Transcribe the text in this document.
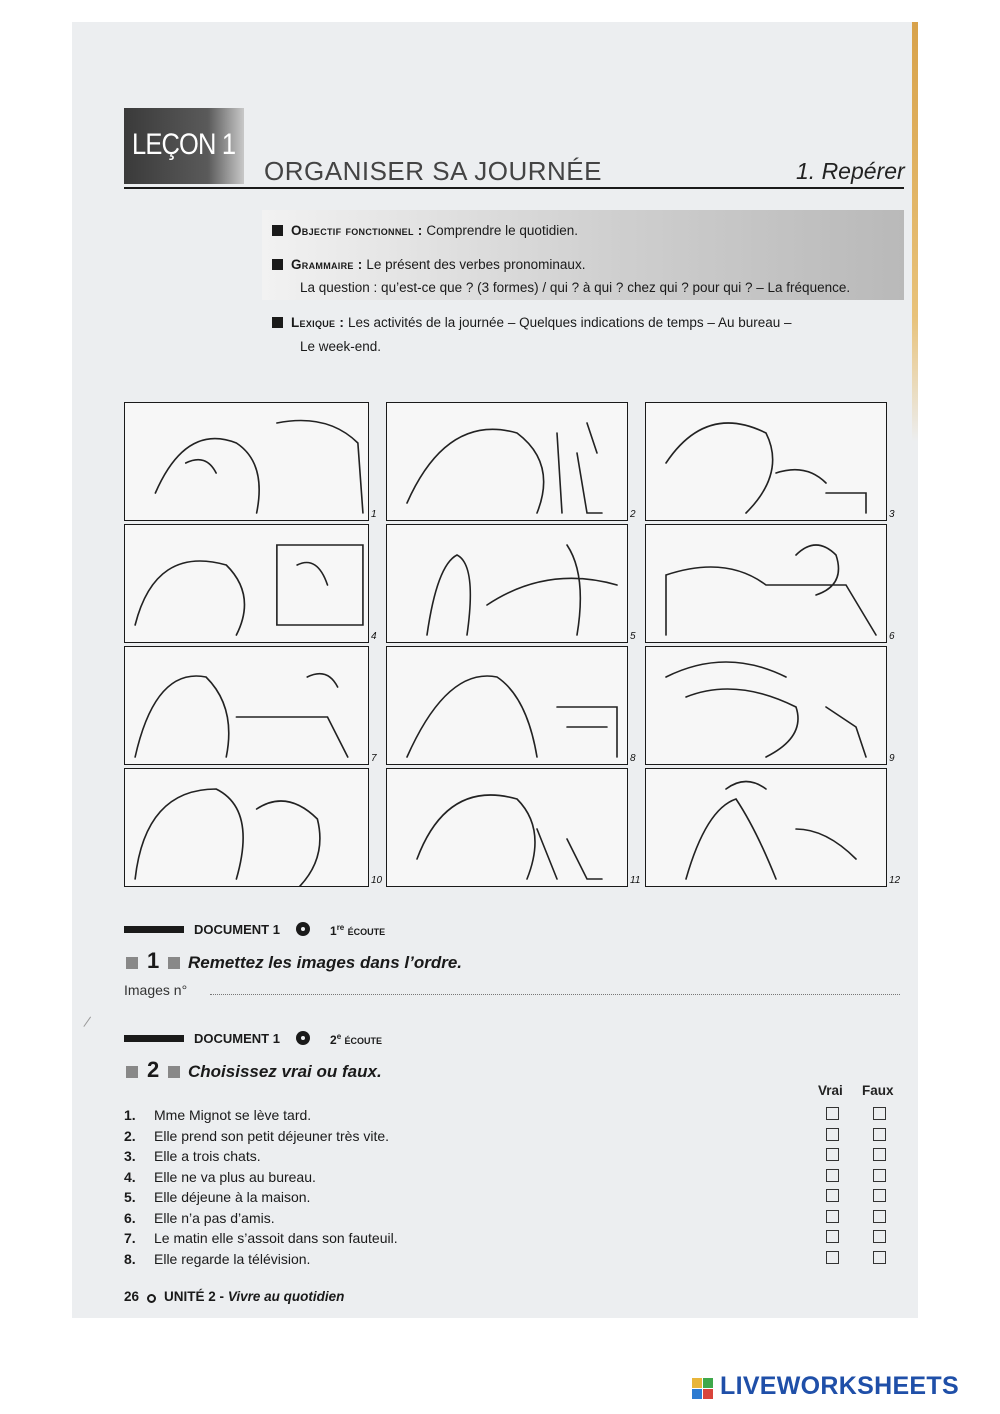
LEÇON 1
ORGANISER SA JOURNÉE	1. Repérer
Objectif fonctionnel : Comprendre le quotidien.
Grammaire : Le présent des verbes pronominaux.
La question : qu’est-ce que ? (3 formes) / qui ? à qui ? chez qui ? pour qui ? – La fréquence.
Lexique : Les activités de la journée – Quelques indications de temps – Au bureau –
Le week-end.
1	2	3
4	5	6
7	8	9
10	11	12
DOCUMENT 1	1re ÉCOUTE
1 Remettez les images dans l’ordre.
Images n°
DOCUMENT 1	2e ÉCOUTE
2 Choisissez vrai ou faux.
Vrai Faux
1. Mme Mignot se lève tard.
2. Elle prend son petit déjeuner très vite.
3. Elle a trois chats.
4. Elle ne va plus au bureau.
5. Elle déjeune à la maison.
6. Elle n’a pas d’amis.
7. Le matin elle s’assoit dans son fauteuil.
8. Elle regarde la télévision.
26 UNITÉ 2 - Vivre au quotidien
LIVEWORKSHEETS
